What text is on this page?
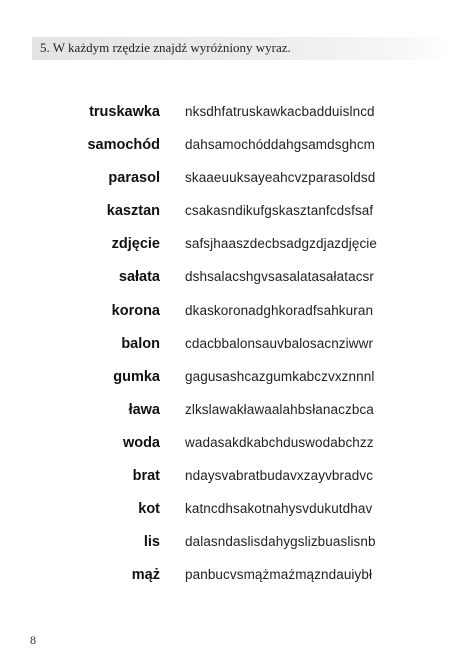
5. W każdym rzędzie znajdź wyróżniony wyraz.
truskawka nksdhfatruskawkacbadduislncd
samochód dahsamochóddahgsamdsghcm
parasol skaaeuuksayeahcvzparasoldsd
kasztan csakasndikufgskasztanfcdsfsaf
zdjęcie safsjhaaszdecbsadgzdjazdjęcie
sałata dshsalacshgvsasalatasałatacsr
korona dkaskoronadghkoradfsahkuran
balon cdacbbalonsauvbalosacnziwwr
gumka gagusashcazgumkabczvxznnnl
ława zlkslawakławaalahbsłanaczbca
woda wadasakdkabchduswodabchzz
brat ndaysvabratbudavxzayvbradvc
kot katncdhsakotnahysvdukutdhav
lis dalasndaslisdahygslizbuaslisnb
mąż panbucvsmążmażmązndauiybł
8
